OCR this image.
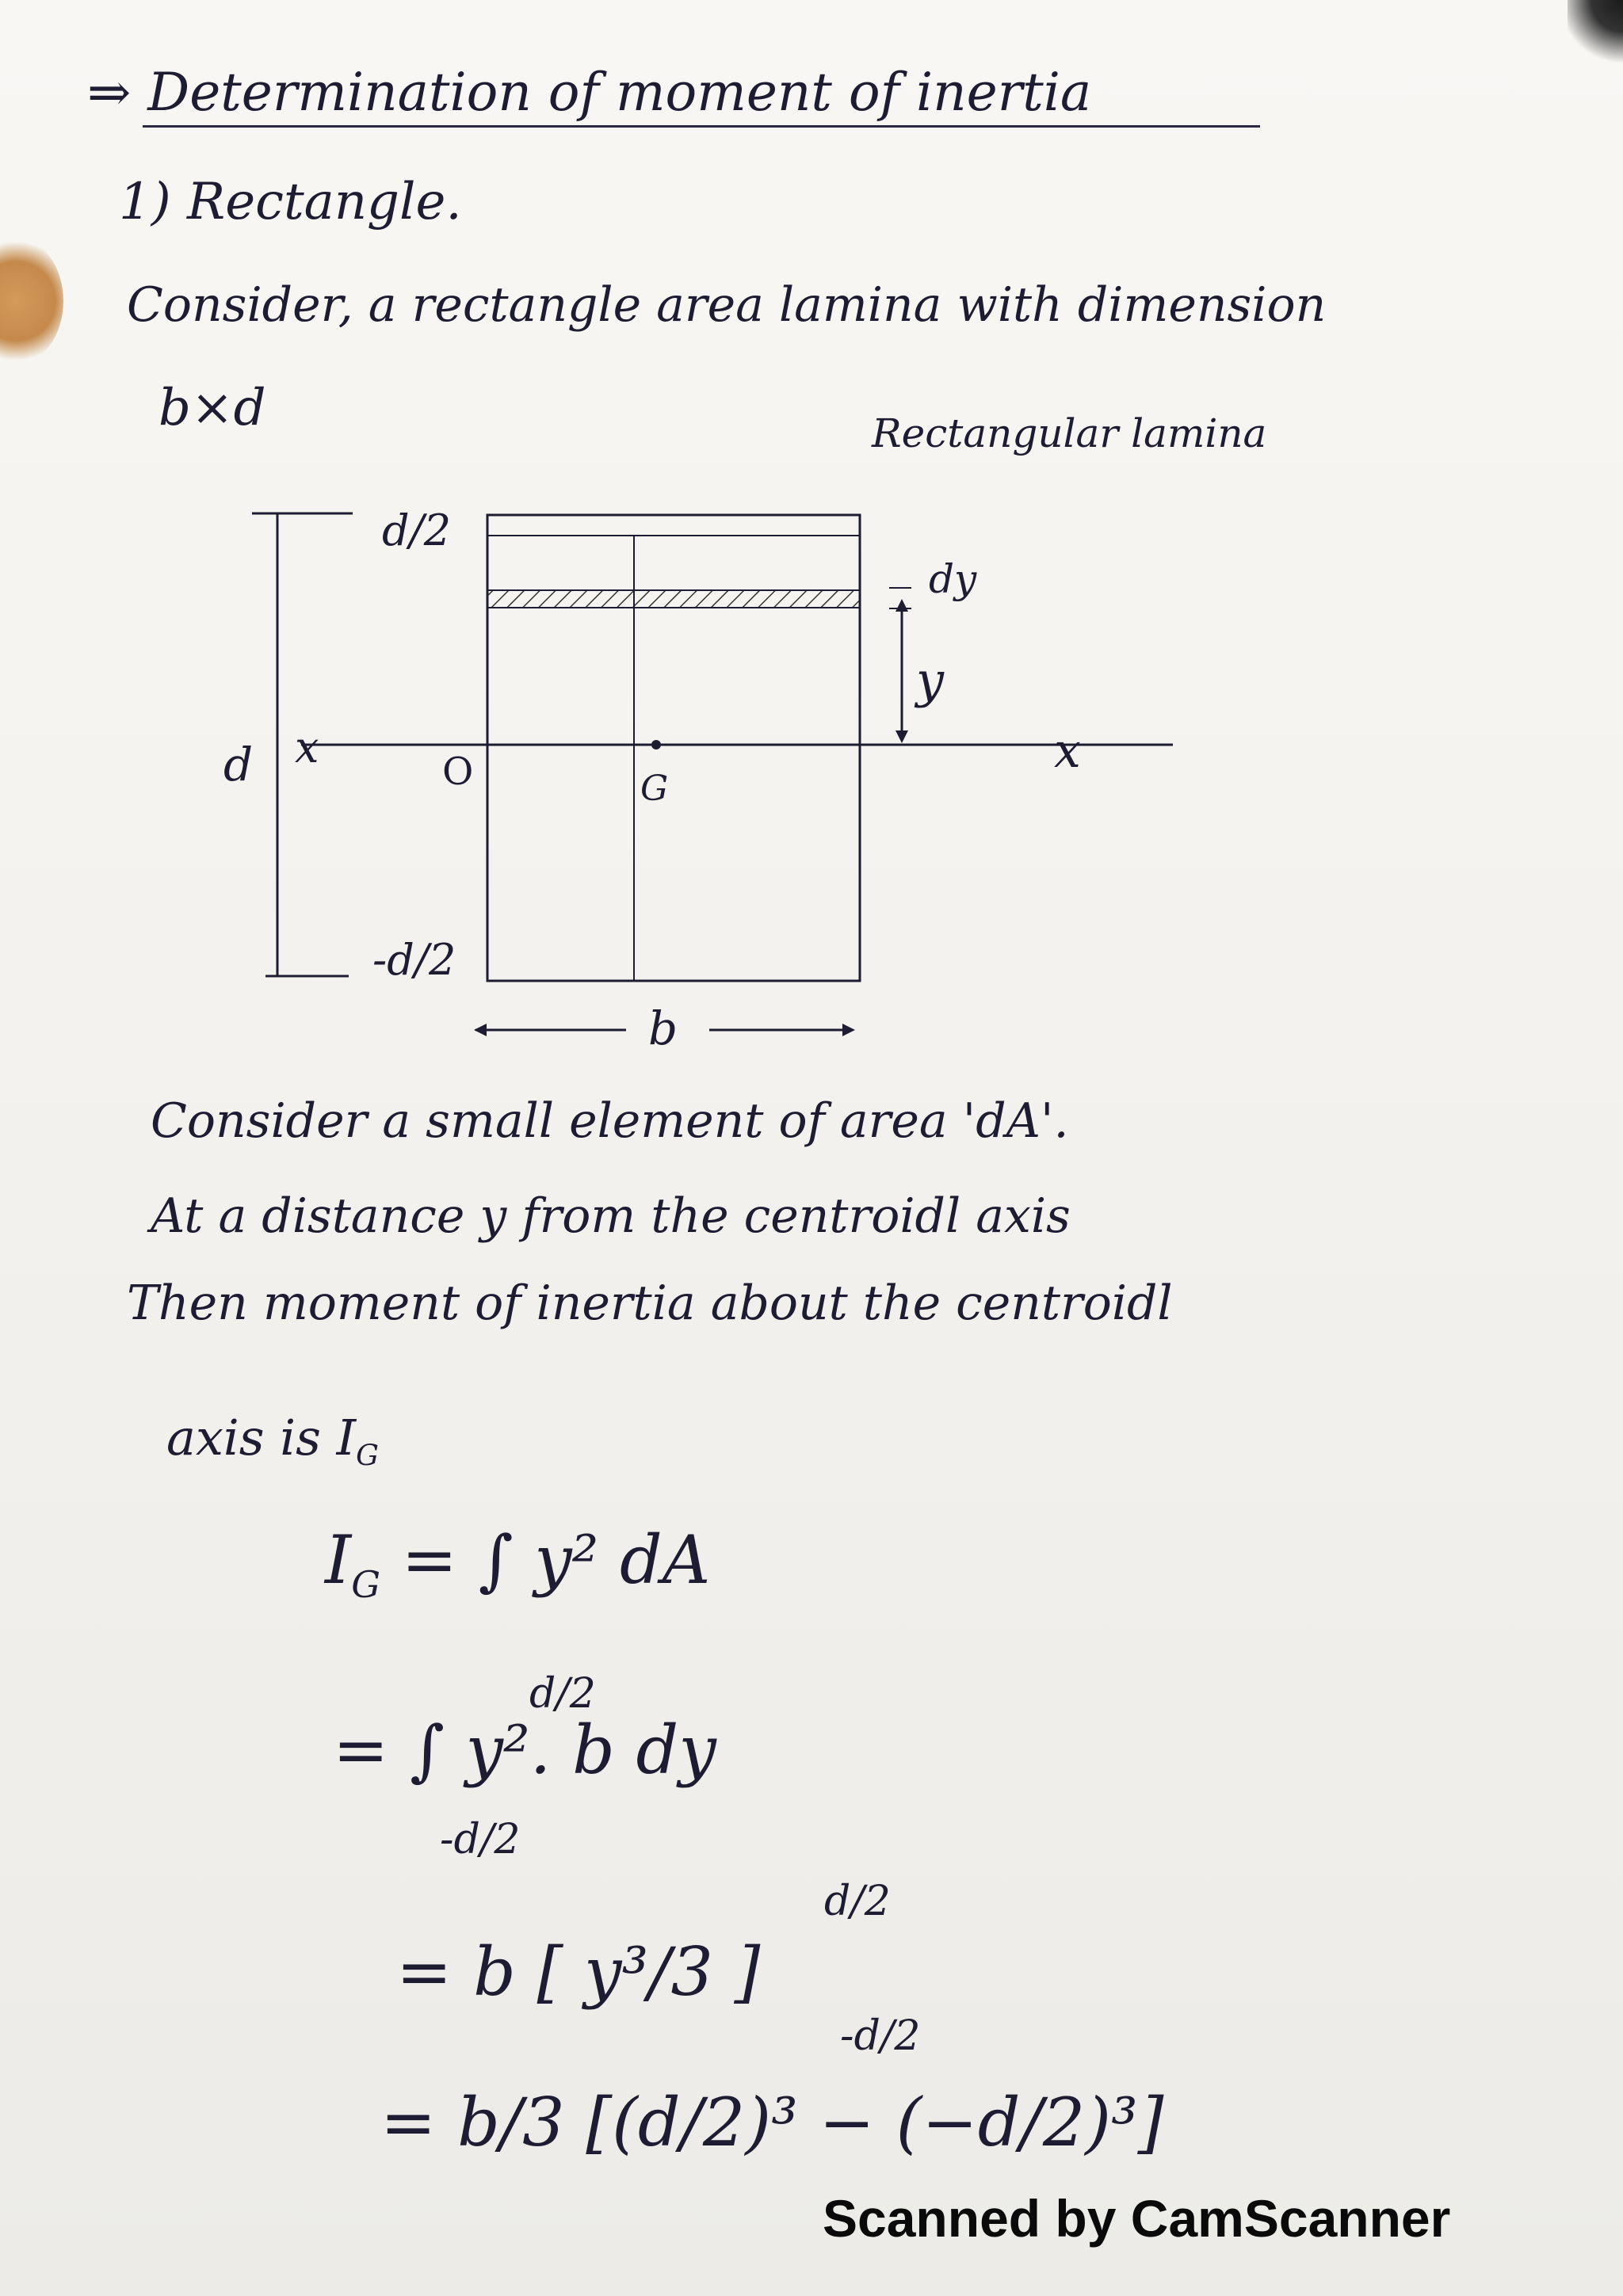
⇒ Determination of moment of inertia
1) Rectangle.
Consider, a rectangle area lamina with dimension
b×d	Rectangular lamina
d/2
-d/2
d x	x
O	G
dy
y
b
Consider a small element of area 'dA'.
At a distance y from the centroidl axis
Then moment of inertia about the centroidl
axis is $I_G$
$I_G$ = ∫ y² dA
d/2
= ∫ y². b dy
-d/2
d/2
= b [ y³/3 ]
-d/2
= b/3 [(d/2)³ − (−d/2)³]
Scanned by CamScanner
